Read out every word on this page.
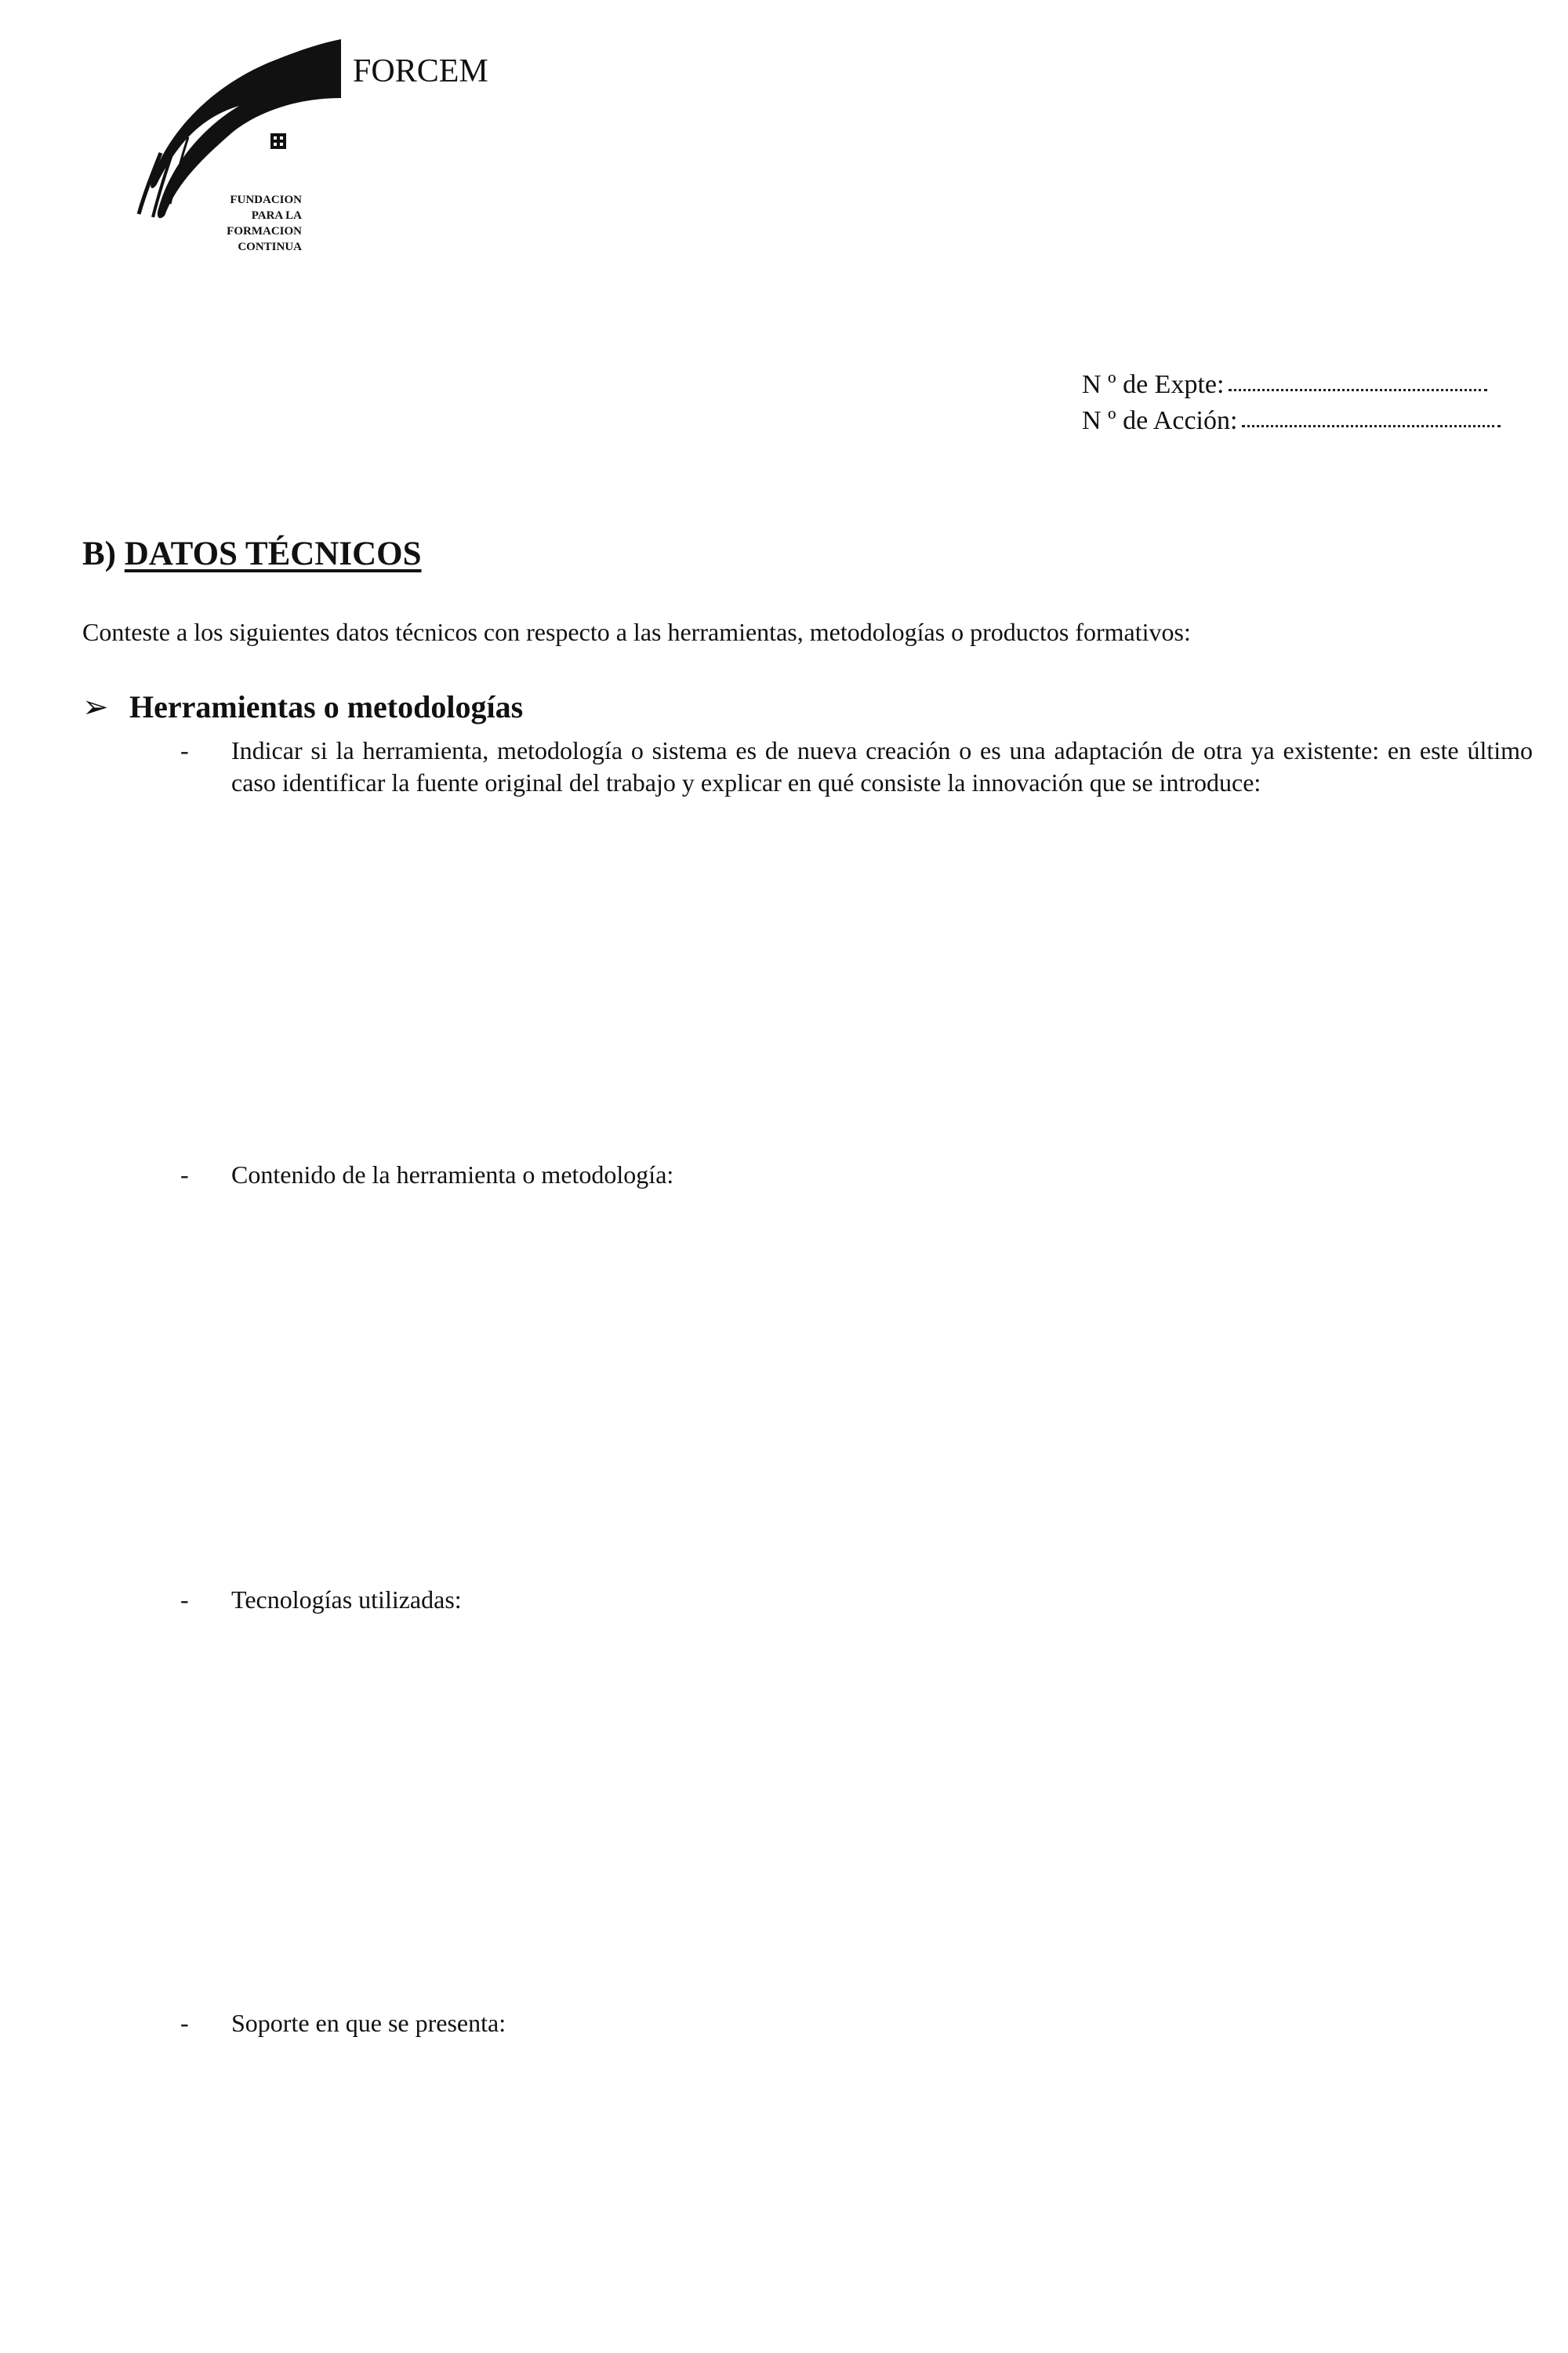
FORCEM
FUNDACION
PARA LA
FORMACION
CONTINUA
N º de Expte:
N º de Acción:
B) DATOS TÉCNICOS
Conteste a los siguientes datos técnicos con respecto a las herramientas, metodologías o productos formativos:
➢ Herramientas o metodologías
- Indicar si la herramienta, metodología o sistema es de nueva creación o es una adaptación de otra ya existente: en este último caso identificar la fuente original del trabajo y explicar en qué consiste la innovación que se introduce:
- Contenido de la herramienta o metodología:
- Tecnologías utilizadas:
- Soporte en que se presenta:
